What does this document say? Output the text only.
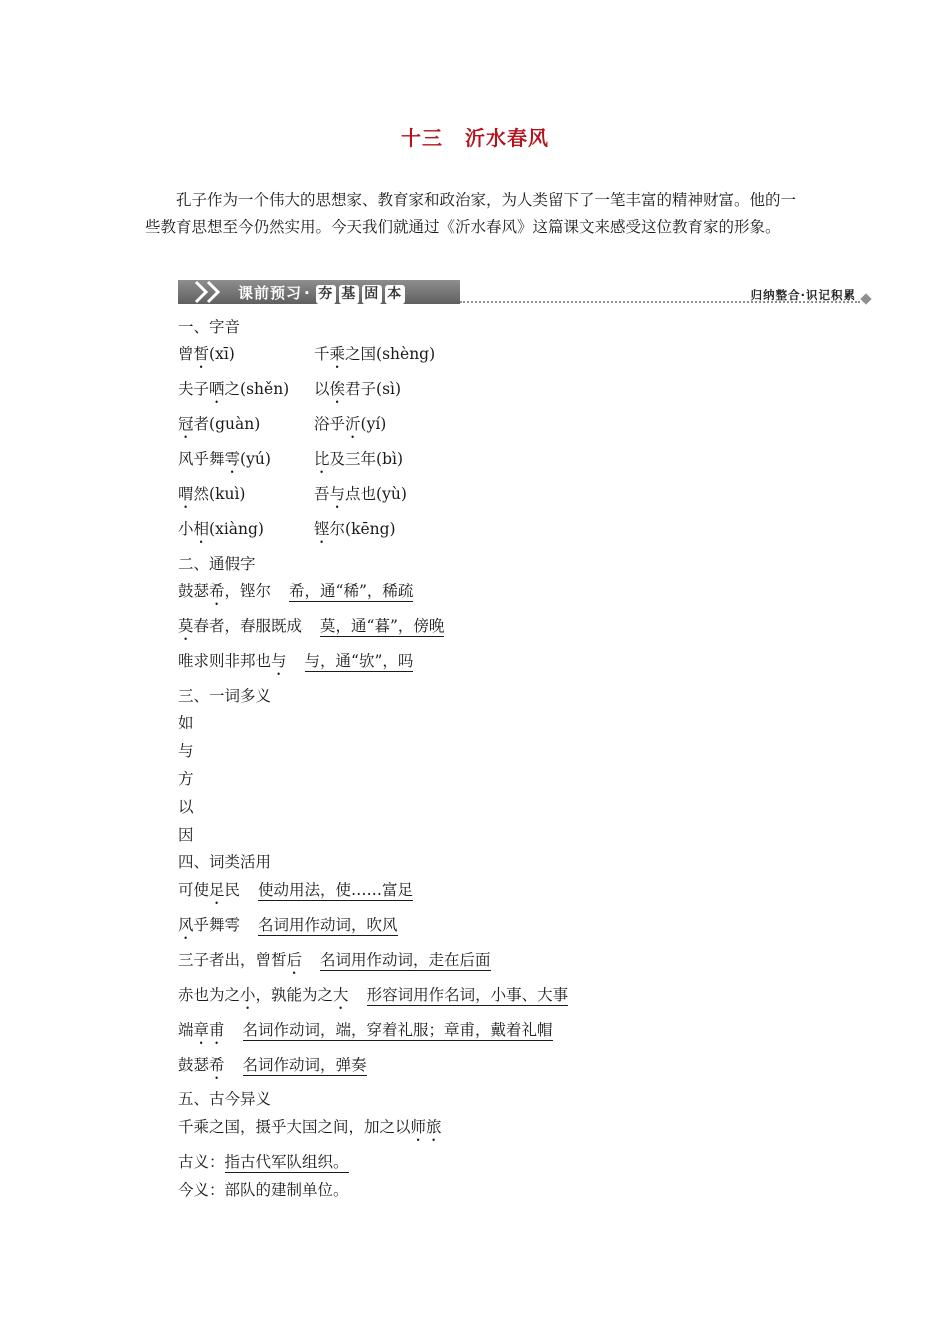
十三 沂水春风
孔子作为一个伟大的思想家、教育家和政治家，为人类留下了一笔丰富的精神财富。他的一些教育思想至今仍然实用。今天我们就通过《沂水春风》这篇课文来感受这位教育家的形象。
课前预习 · 夯 基 固 本	归纳整合·识记积累
一、字音
曾皙(xī)	千乘之国(shèng)
夫子哂之(shěn) 以俟君子(sì)
冠者(guàn)	浴乎沂(yí)
风乎舞雩(yú)	比及三年(bì)
喟然(kuì)	吾与点也(yù)
小相(xiàng)	铿尔(kēng)
二、通假字
鼓瑟希，铿尔 希，通“稀”，稀疏
莫春者，春服既成 莫，通“暮”，傍晚
唯求则非邦也与 与，通“欤”，吗
三、一词多义
如
与
方
以
因
四、词类活用
可使足民 使动用法，使……富足
风乎舞雩 名词用作动词，吹风
三子者出，曾皙后 名词用作动词，走在后面
赤也为之小，孰能为之大 形容词用作名词，小事、大事
端章甫 名词作动词，端，穿着礼服；章甫，戴着礼帽
鼓瑟希 名词作动词，弹奏
五、古今异义
千乘之国，摄乎大国之间，加之以师旅
古义：指古代军队组织。
今义：部队的建制单位。
